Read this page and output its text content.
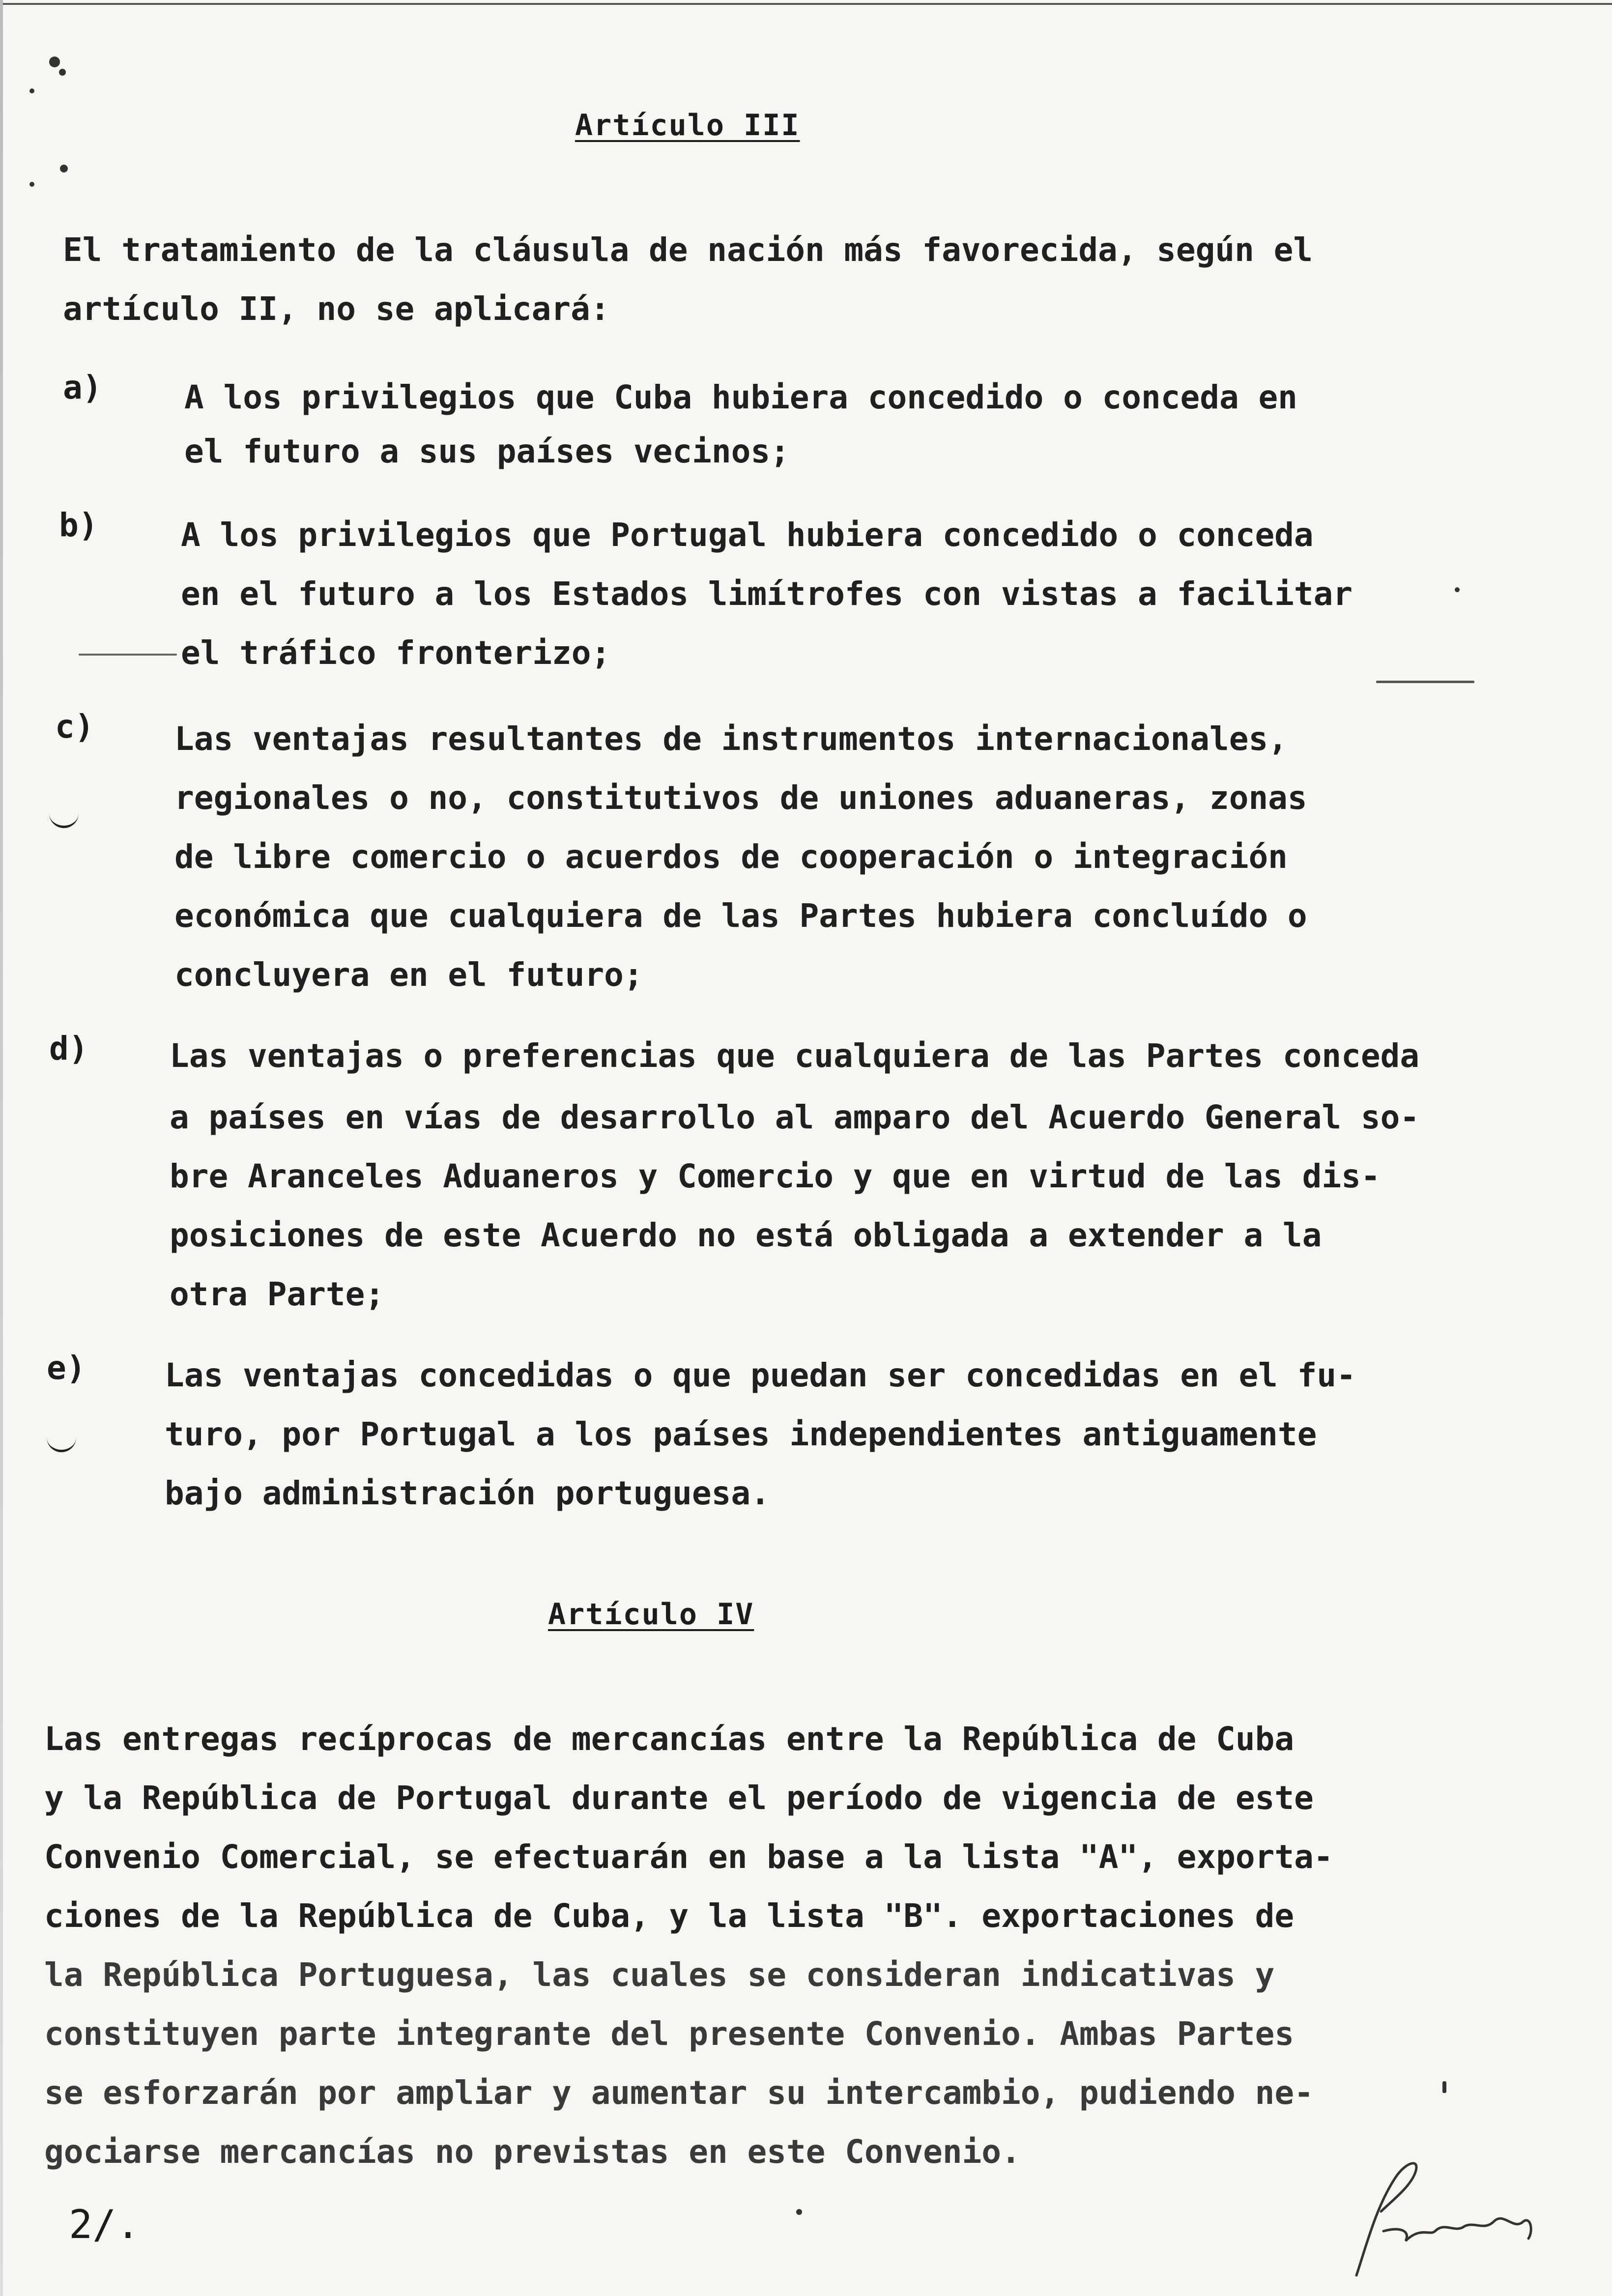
Artículo III
El tratamiento de la cláusula de nación más favorecida, según el
artículo II, no se aplicará:
a)	A los privilegios que Cuba hubiera concedido o conceda en
el futuro a sus países vecinos;
b)	A los privilegios que Portugal hubiera concedido o conceda
en el futuro a los Estados limítrofes con vistas a facilitar
el tráfico fronterizo;
c) Las ventajas resultantes de instrumentos internacionales,
regionales o no, constitutivos de uniones aduaneras, zonas
de libre comercio o acuerdos de cooperación o integración
económica que cualquiera de las Partes hubiera concluído o
concluyera en el futuro;
d)	Las ventajas o preferencias que cualquiera de las Partes conceda
a países en vías de desarrollo al amparo del Acuerdo General so-
bre Aranceles Aduaneros y Comercio y que en virtud de las dis-
posiciones de este Acuerdo no está obligada a extender a la
otra Parte;
e) Las ventajas concedidas o que puedan ser concedidas en el fu-
turo, por Portugal a los países independientes antiguamente
bajo administración portuguesa.
Artículo IV
Las entregas recíprocas de mercancías entre la República de Cuba
y la República de Portugal durante el período de vigencia de este
Convenio Comercial, se efectuarán en base a la lista "A", exporta-
ciones de la República de Cuba, y la lista "B". exportaciones de
la República Portuguesa, las cuales se consideran indicativas y
constituyen parte integrante del presente Convenio. Ambas Partes
se esforzarán por ampliar y aumentar su intercambio, pudiendo ne-
gociarse mercancías no previstas en este Convenio.
2/.
